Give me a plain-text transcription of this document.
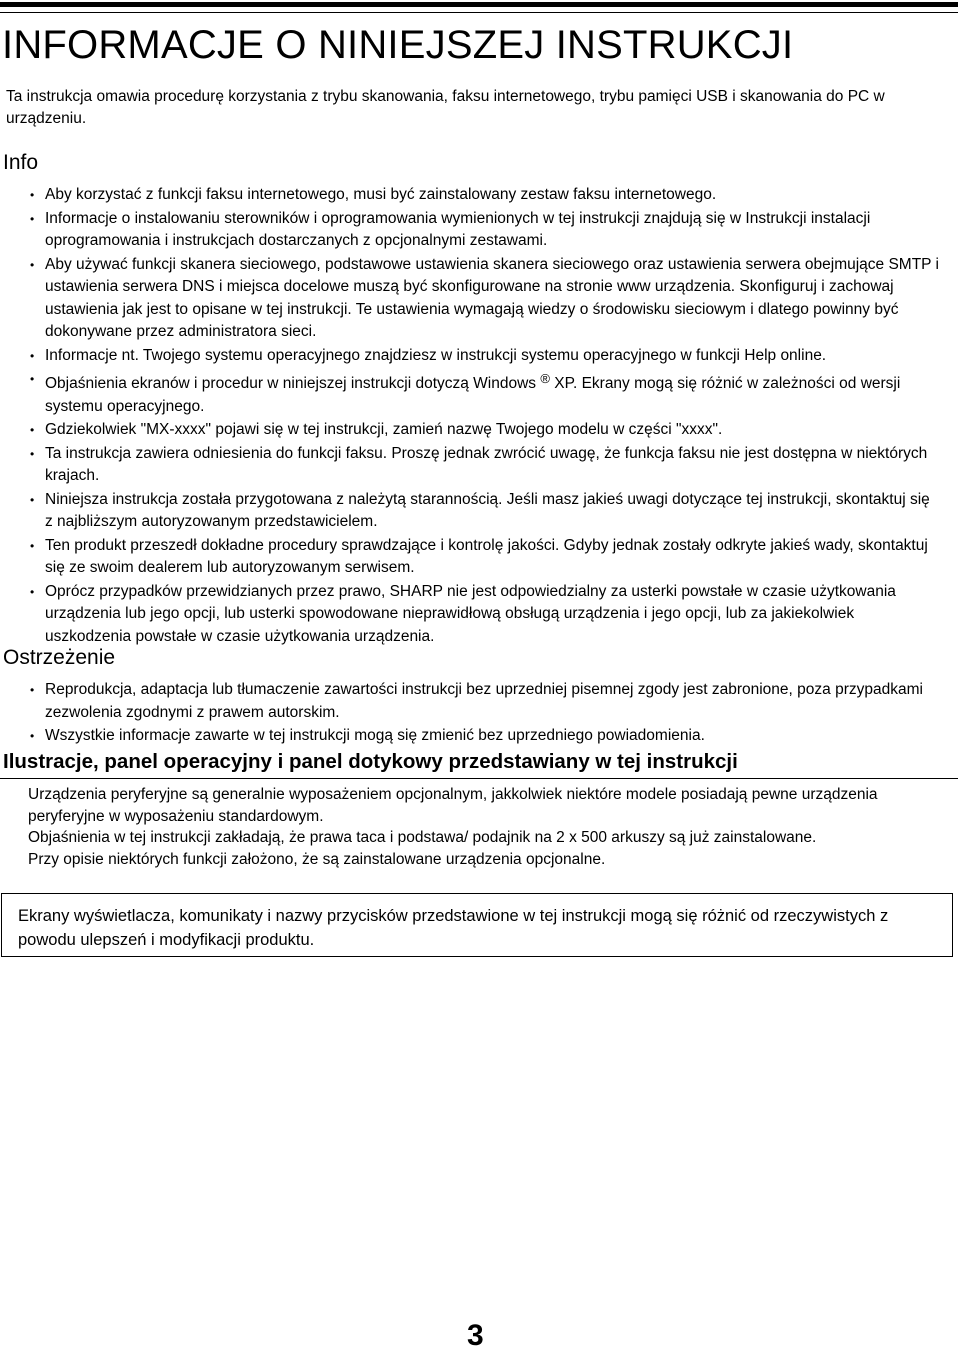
INFORMACJE O NINIEJSZEJ INSTRUKCJI

Ta instrukcja omawia procedurę korzystania z trybu skanowania, faksu internetowego, trybu pamięci USB i skanowania do PC w urządzeniu.

Info
• Aby korzystać z funkcji faksu internetowego, musi być zainstalowany zestaw faksu internetowego.
• Informacje o instalowaniu sterowników i oprogramowania wymienionych w tej instrukcji znajdują się w Instrukcji instalacji oprogramowania i instrukcjach dostarczanych z opcjonalnymi zestawami.
• Aby używać funkcji skanera sieciowego, podstawowe ustawienia skanera sieciowego oraz ustawienia serwera obejmujące SMTP i ustawienia serwera DNS i miejsca docelowe muszą być skonfigurowane na stronie www urządzenia. Skonfiguruj i zachowaj ustawienia jak jest to opisane w tej instrukcji. Te ustawienia wymagają wiedzy o środowisku sieciowym i dlatego powinny być dokonywane przez administratora sieci.
• Informacje nt. Twojego systemu operacyjnego znajdziesz w instrukcji systemu operacyjnego w funkcji Help online.
• Objaśnienia ekranów i procedur w niniejszej instrukcji dotyczą Windows ® XP. Ekrany mogą się różnić w zależności od wersji systemu operacyjnego.
• Gdziekolwiek "MX-xxxx" pojawi się w tej instrukcji, zamień nazwę Twojego modelu w części "xxxx".
• Ta instrukcja zawiera odniesienia do funkcji faksu. Proszę jednak zwrócić uwagę, że funkcja faksu nie jest dostępna w niektórych krajach.
• Niniejsza instrukcja została przygotowana z należytą starannością. Jeśli masz jakieś uwagi dotyczące tej instrukcji, skontaktuj się z najbliższym autoryzowanym przedstawicielem.
• Ten produkt przeszedł dokładne procedury sprawdzające i kontrolę jakości. Gdyby jednak zostały odkryte jakieś wady, skontaktuj się ze swoim dealerem lub autoryzowanym serwisem.
• Oprócz przypadków przewidzianych przez prawo, SHARP nie jest odpowiedzialny za usterki powstałe w czasie użytkowania urządzenia lub jego opcji, lub usterki spowodowane nieprawidłową obsługą urządzenia i jego opcji, lub za jakiekolwiek uszkodzenia powstałe w czasie użytkowania urządzenia.
Ostrzeżenie
• Reprodukcja, adaptacja lub tłumaczenie zawartości instrukcji bez uprzedniej pisemnej zgody jest zabronione, poza przypadkami zezwolenia zgodnymi z prawem autorskim.
• Wszystkie informacje zawarte w tej instrukcji mogą się zmienić bez uprzedniego powiadomienia.
Ilustracje, panel operacyjny i panel dotykowy przedstawiany w tej instrukcji

Urządzenia peryferyjne są generalnie wyposażeniem opcjonalnym, jakkolwiek niektóre modele posiadają pewne urządzenia peryferyjne w wyposażeniu standardowym.

Objaśnienia w tej instrukcji zakładają, że prawa taca i podstawa/ podajnik na 2 x 500 arkuszy są już zainstalowane.

Przy opisie niektórych funkcji założono, że są zainstalowane urządzenia opcjonalne.

Ekrany wyświetlacza, komunikaty i nazwy przycisków przedstawione w tej instrukcji mogą się różnić od rzeczywistych z powodu ulepszeń i modyfikacji produktu.

3
